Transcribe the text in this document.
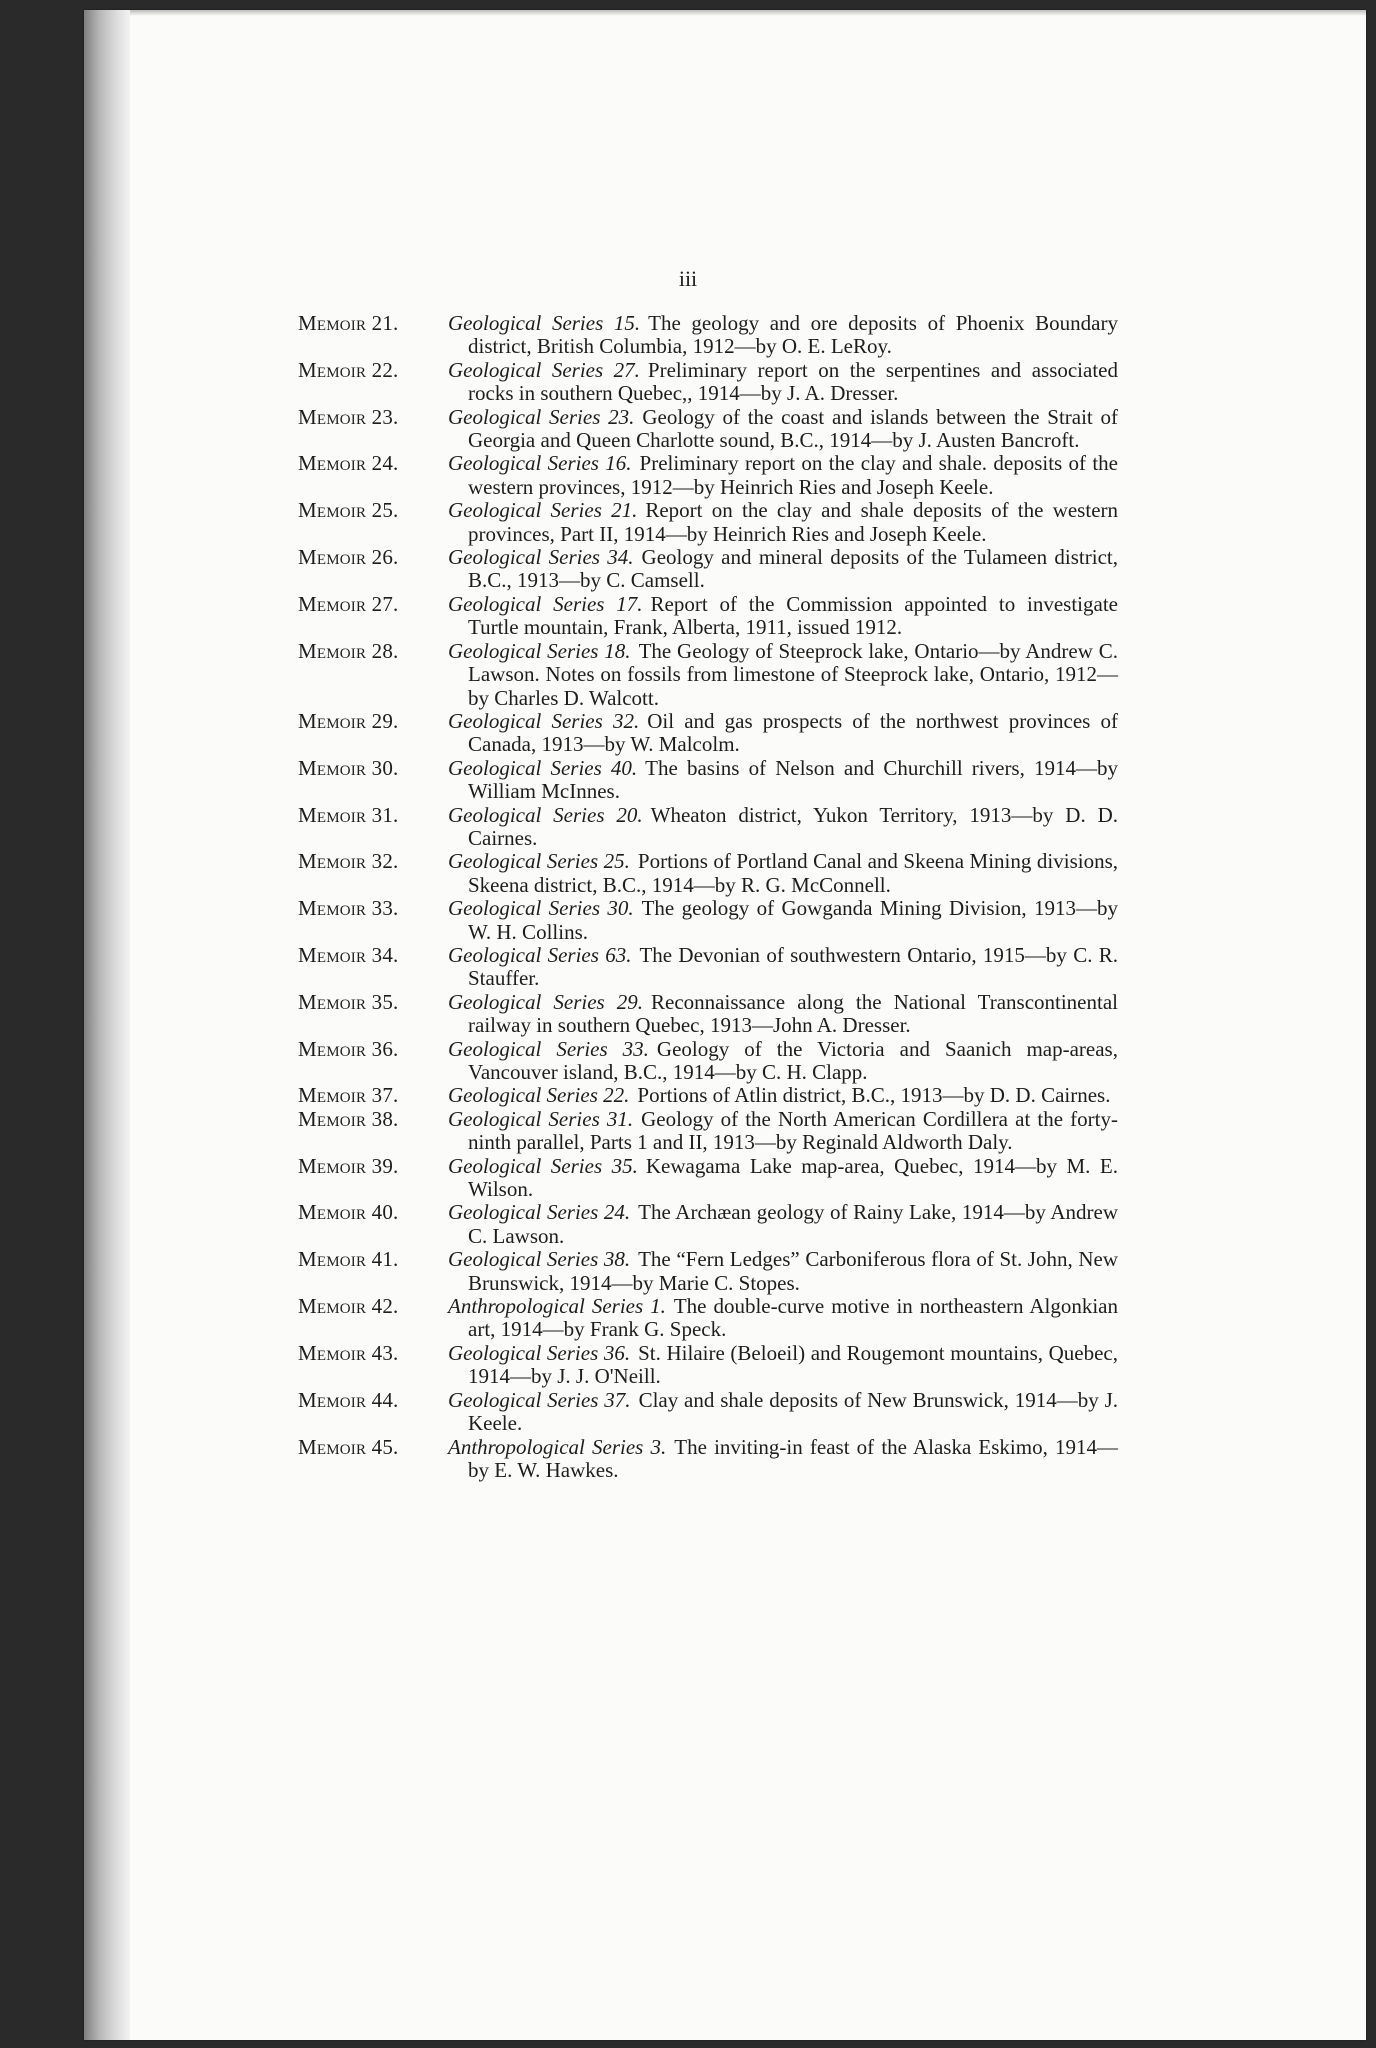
iii
Memoir 21.	Geological Series 15. The geology and ore deposits of Phoenix Boundary district, British Columbia, 1912—by O. E. LeRoy.
Memoir 22.	Geological Series 27. Preliminary report on the serpentines and associated rocks in southern Quebec,, 1914—by J. A. Dresser.
Memoir 23.	Geological Series 23. Geology of the coast and islands between the Strait of Georgia and Queen Charlotte sound, B.C., 1914—by J. Austen Bancroft.
Memoir 24.	Geological Series 16. Preliminary report on the clay and shale. deposits of the western provinces, 1912—by Heinrich Ries and Joseph Keele.
Memoir 25.	Geological Series 21. Report on the clay and shale deposits of the western provinces, Part II, 1914—by Heinrich Ries and Joseph Keele.
Memoir 26.	Geological Series 34. Geology and mineral deposits of the Tulameen district, B.C., 1913—by C. Camsell.
Memoir 27.	Geological Series 17. Report of the Commission appointed to investigate Turtle mountain, Frank, Alberta, 1911, issued 1912.
Memoir 28.	Geological Series 18. The Geology of Steeprock lake, Ontario—by Andrew C. Lawson. Notes on fossils from limestone of Steeprock lake, Ontario, 1912—by Charles D. Walcott.
Memoir 29.	Geological Series 32. Oil and gas prospects of the northwest provinces of Canada, 1913—by W. Malcolm.
Memoir 30.	Geological Series 40. The basins of Nelson and Churchill rivers, 1914—by William McInnes.
Memoir 31.	Geological Series 20. Wheaton district, Yukon Territory, 1913—by D. D. Cairnes.
Memoir 32.	Geological Series 25. Portions of Portland Canal and Skeena Mining divisions, Skeena district, B.C., 1914—by R. G. McConnell.
Memoir 33.	Geological Series 30. The geology of Gowganda Mining Division, 1913—by W. H. Collins.
Memoir 34.	Geological Series 63. The Devonian of southwestern Ontario, 1915—by C. R. Stauffer.
Memoir 35.	Geological Series 29. Reconnaissance along the National Transcontinental railway in southern Quebec, 1913—John A. Dresser.
Memoir 36.	Geological Series 33. Geology of the Victoria and Saanich map-areas, Vancouver island, B.C., 1914—by C. H. Clapp.
Memoir 37.	Geological Series 22. Portions of Atlin district, B.C., 1913—by D. D. Cairnes.
Memoir 38.	Geological Series 31. Geology of the North American Cordillera at the forty-ninth parallel, Parts 1 and II, 1913—by Reginald Aldworth Daly.
Memoir 39.	Geological Series 35. Kewagama Lake map-area, Quebec, 1914—by M. E. Wilson.
Memoir 40.	Geological Series 24. The Archæan geology of Rainy Lake, 1914—by Andrew C. Lawson.
Memoir 41.	Geological Series 38. The “Fern Ledges” Carboniferous flora of St. John, New Brunswick, 1914—by Marie C. Stopes.
Memoir 42.	Anthropological Series 1. The double-curve motive in northeastern Algonkian art, 1914—by Frank G. Speck.
Memoir 43.	Geological Series 36. St. Hilaire (Beloeil) and Rougemont mountains, Quebec, 1914—by J. J. O'Neill.
Memoir 44.	Geological Series 37. Clay and shale deposits of New Brunswick, 1914—by J. Keele.
Memoir 45.	Anthropological Series 3. The inviting-in feast of the Alaska Eskimo, 1914—by E. W. Hawkes.
